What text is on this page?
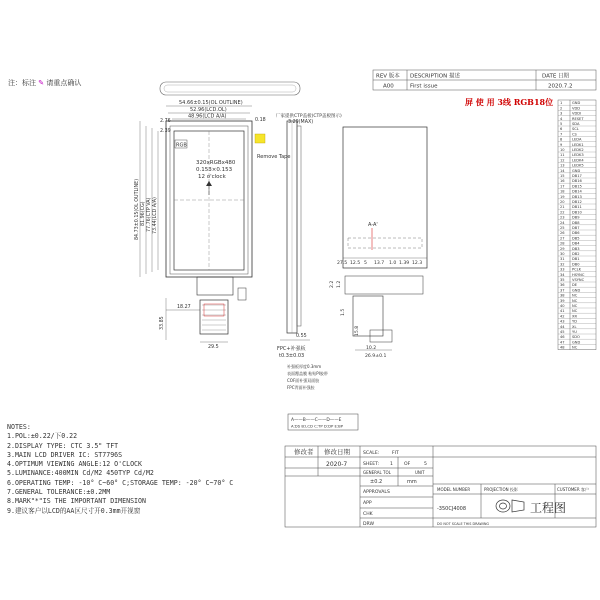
注：标注 ✎ 请重点确认
屏 使 用 3线 RGB18位
REV 版本 DESCRIPTION 描述	DATE 日期
A00	First issue	2020.7.2
RGB
320xRGBx480
0.153×0.153
12 o'clock
Remove Tape
54.66±0.15(OL OUTLINE)
52.96(LCD.OL)
48.96(LCD A/A)
84.73±0.15(OL OUTLINE) 81.96(CG) 77.76(CTP VA) 73.44(LCD A/A)
0.18
2.76
2.39
18.27
33.85
29.5
厂家提供CTP盖板(CTP盖板图示)
3.29(MAX)
0.55
FPC+补强板
t0.3±0.03
补强板厚度0.3mm
表面覆盖膜 粘贴PI胶带
COF面补强双面胶
FPC背面补强胶
A-A'
27.5 12.5 5 13.7 1.0 1.39 12.3
2.2 1.2
1.5
15.8
10.2
26.9±0.1
1	GND
2	VDD
3	VDDI
4	RESET
5	SDA
6	SCL
7	CS
8	LEDA
9	LEDK1
10 LEDK2
11 LEDK3
12 LEDK4
13 LEDK5
14 GND
15 DB17
16 DB16
17 DB15
18 DB14
19 DB13
20 DB12
21 DB11
22 DB10
23 DB9
24 DB8
25 DB7
26 DB6
27 DB5
28 DB4
29 DB3
30 DB2
31 DB1
32 DB0
33 PCLK
34 HSYNC
35 VSYNC
36 DE
37 GND
38 NC
39 NC
40 NC
41 NC
42 XR
43 YD
44 XL
45 YU
46 SDO
47 GND
48 NC
A——B——C——D——E
A:DS B:LCD C:TP D:DP E:BP
修改者 修改日期
2020-7
SCALE:	FIT
SHEET: 1 OF	5
GENERAL TOL	UNIT
±0.2	mm
APPROVALS
APP
CHK
DRW
MODEL NUMBER
-350CJ4008
PROJECTION 投影	CUSTOMER 客户
工程图
DO NOT SCALE THIS DRAWING
NOTES:
1.POL:±0.22/下0.22
2.DISPLAY TYPE: CTC 3.5" TFT
3.MAIN LCD DRIVER IC: ST7796S
4.OPTIMUM VIEWING ANGLE:12 O'CLOCK
5.LUMINANCE:400MIN Cd/M2 450TYP Cd/M2
6.OPERATING TEMP: -10° C~60° C;STORAGE TEMP: -20° C~70° C
7.GENERAL TOLERANCE:±0.2MM
8.MARK"*"IS THE IMPORTANT DIMENSION
9.建议客户以LCD的AA区尺寸开0.3mm开视窗
